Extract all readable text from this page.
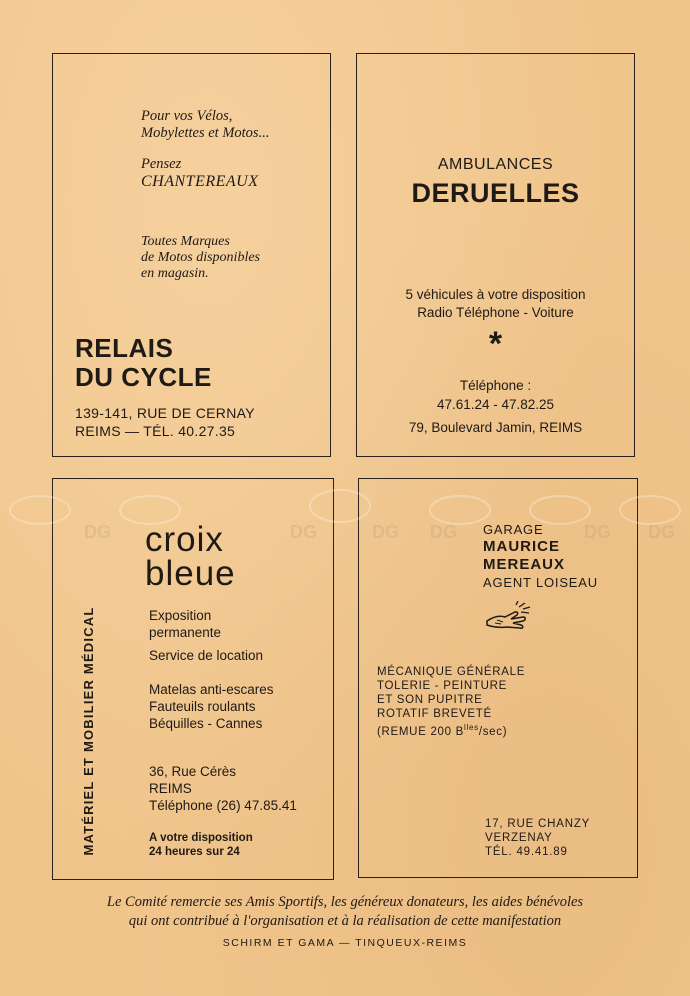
Pour vos Vélos,
Mobylettes et Motos...
Pensez
CHANTEREAUX
Toutes Marques
de Motos disponibles
en magasin.
RELAIS
DU CYCLE
139-141, RUE DE CERNAY
REIMS — TÉL. 40.27.35
AMBULANCES
DERUELLES
5 véhicules à votre disposition
Radio Téléphone - Voiture
*
Téléphone :
47.61.24 - 47.82.25
79, Boulevard Jamin, REIMS
MATÉRIEL ET MOBILIER MÉDICAL
croix
bleue
Exposition
permanente
Service de location
Matelas anti-escares
Fauteuils roulants
Béquilles - Cannes
36, Rue Cérès
REIMS
Téléphone (26) 47.85.41
A votre disposition
24 heures sur 24
GARAGE
MAURICE
MEREAUX
AGENT LOISEAU
MÉCANIQUE GÉNÉRALE
TOLERIE - PEINTURE
ET SON PUPITRE
ROTATIF BREVETÉ
(REMUE 200 $B^{lles}/\sec$)
17, RUE CHANZY
VERZENAY
TÉL. 49.41.89
DG	DG	DG DG	DG DG
Le Comité remercie ses Amis Sportifs, les généreux donateurs, les aides bénévoles
qui ont contribué à l'organisation et à la réalisation de cette manifestation
SCHIRM ET GAMA — TINQUEUX-REIMS
